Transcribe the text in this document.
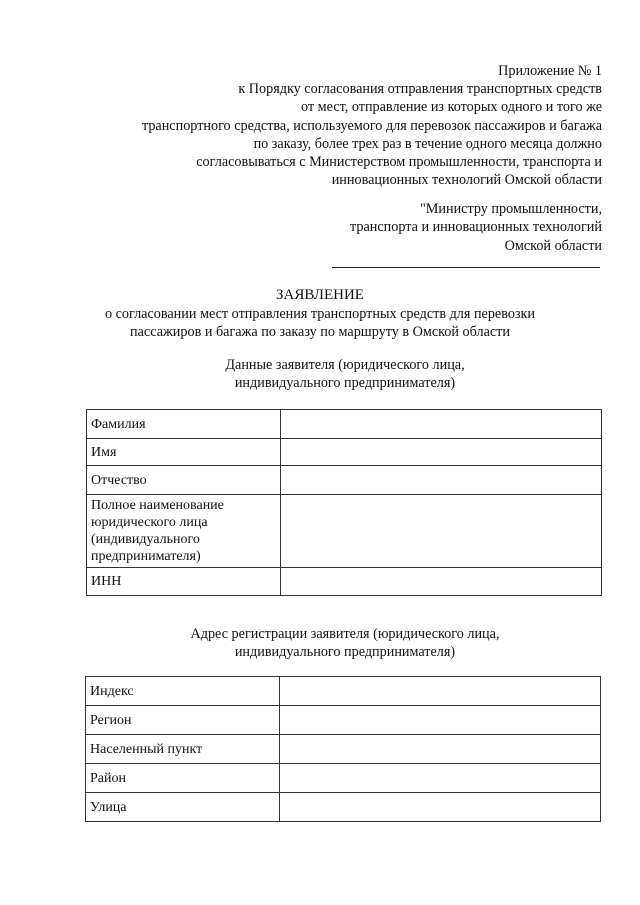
Приложение № 1
к Порядку согласования отправления транспортных средств
от мест, отправление из которых одного и того же
транспортного средства, используемого для перевозок пассажиров и багажа
по заказу, более трех раз в течение одного месяца должно
согласовываться с Министерством промышленности, транспорта и
инновационных технологий Омской области
"Министру промышленности,
транспорта и инновационных технологий
Омской области
ЗАЯВЛЕНИЕ
о согласовании мест отправления транспортных средств для перевозки
пассажиров и багажа по заказу по маршруту в Омской области
Данные заявителя (юридического лица,
индивидуального предпринимателя)
Фамилия	
Имя	
Отчество	

Полное наименование
юридического лица
(индивидуального
предпринимателя)	

ИНН	
Адрес регистрации заявителя (юридического лица,
индивидуального предпринимателя)
Индекс	
Регион	
Населенный пункт	
Район	
Улица	
